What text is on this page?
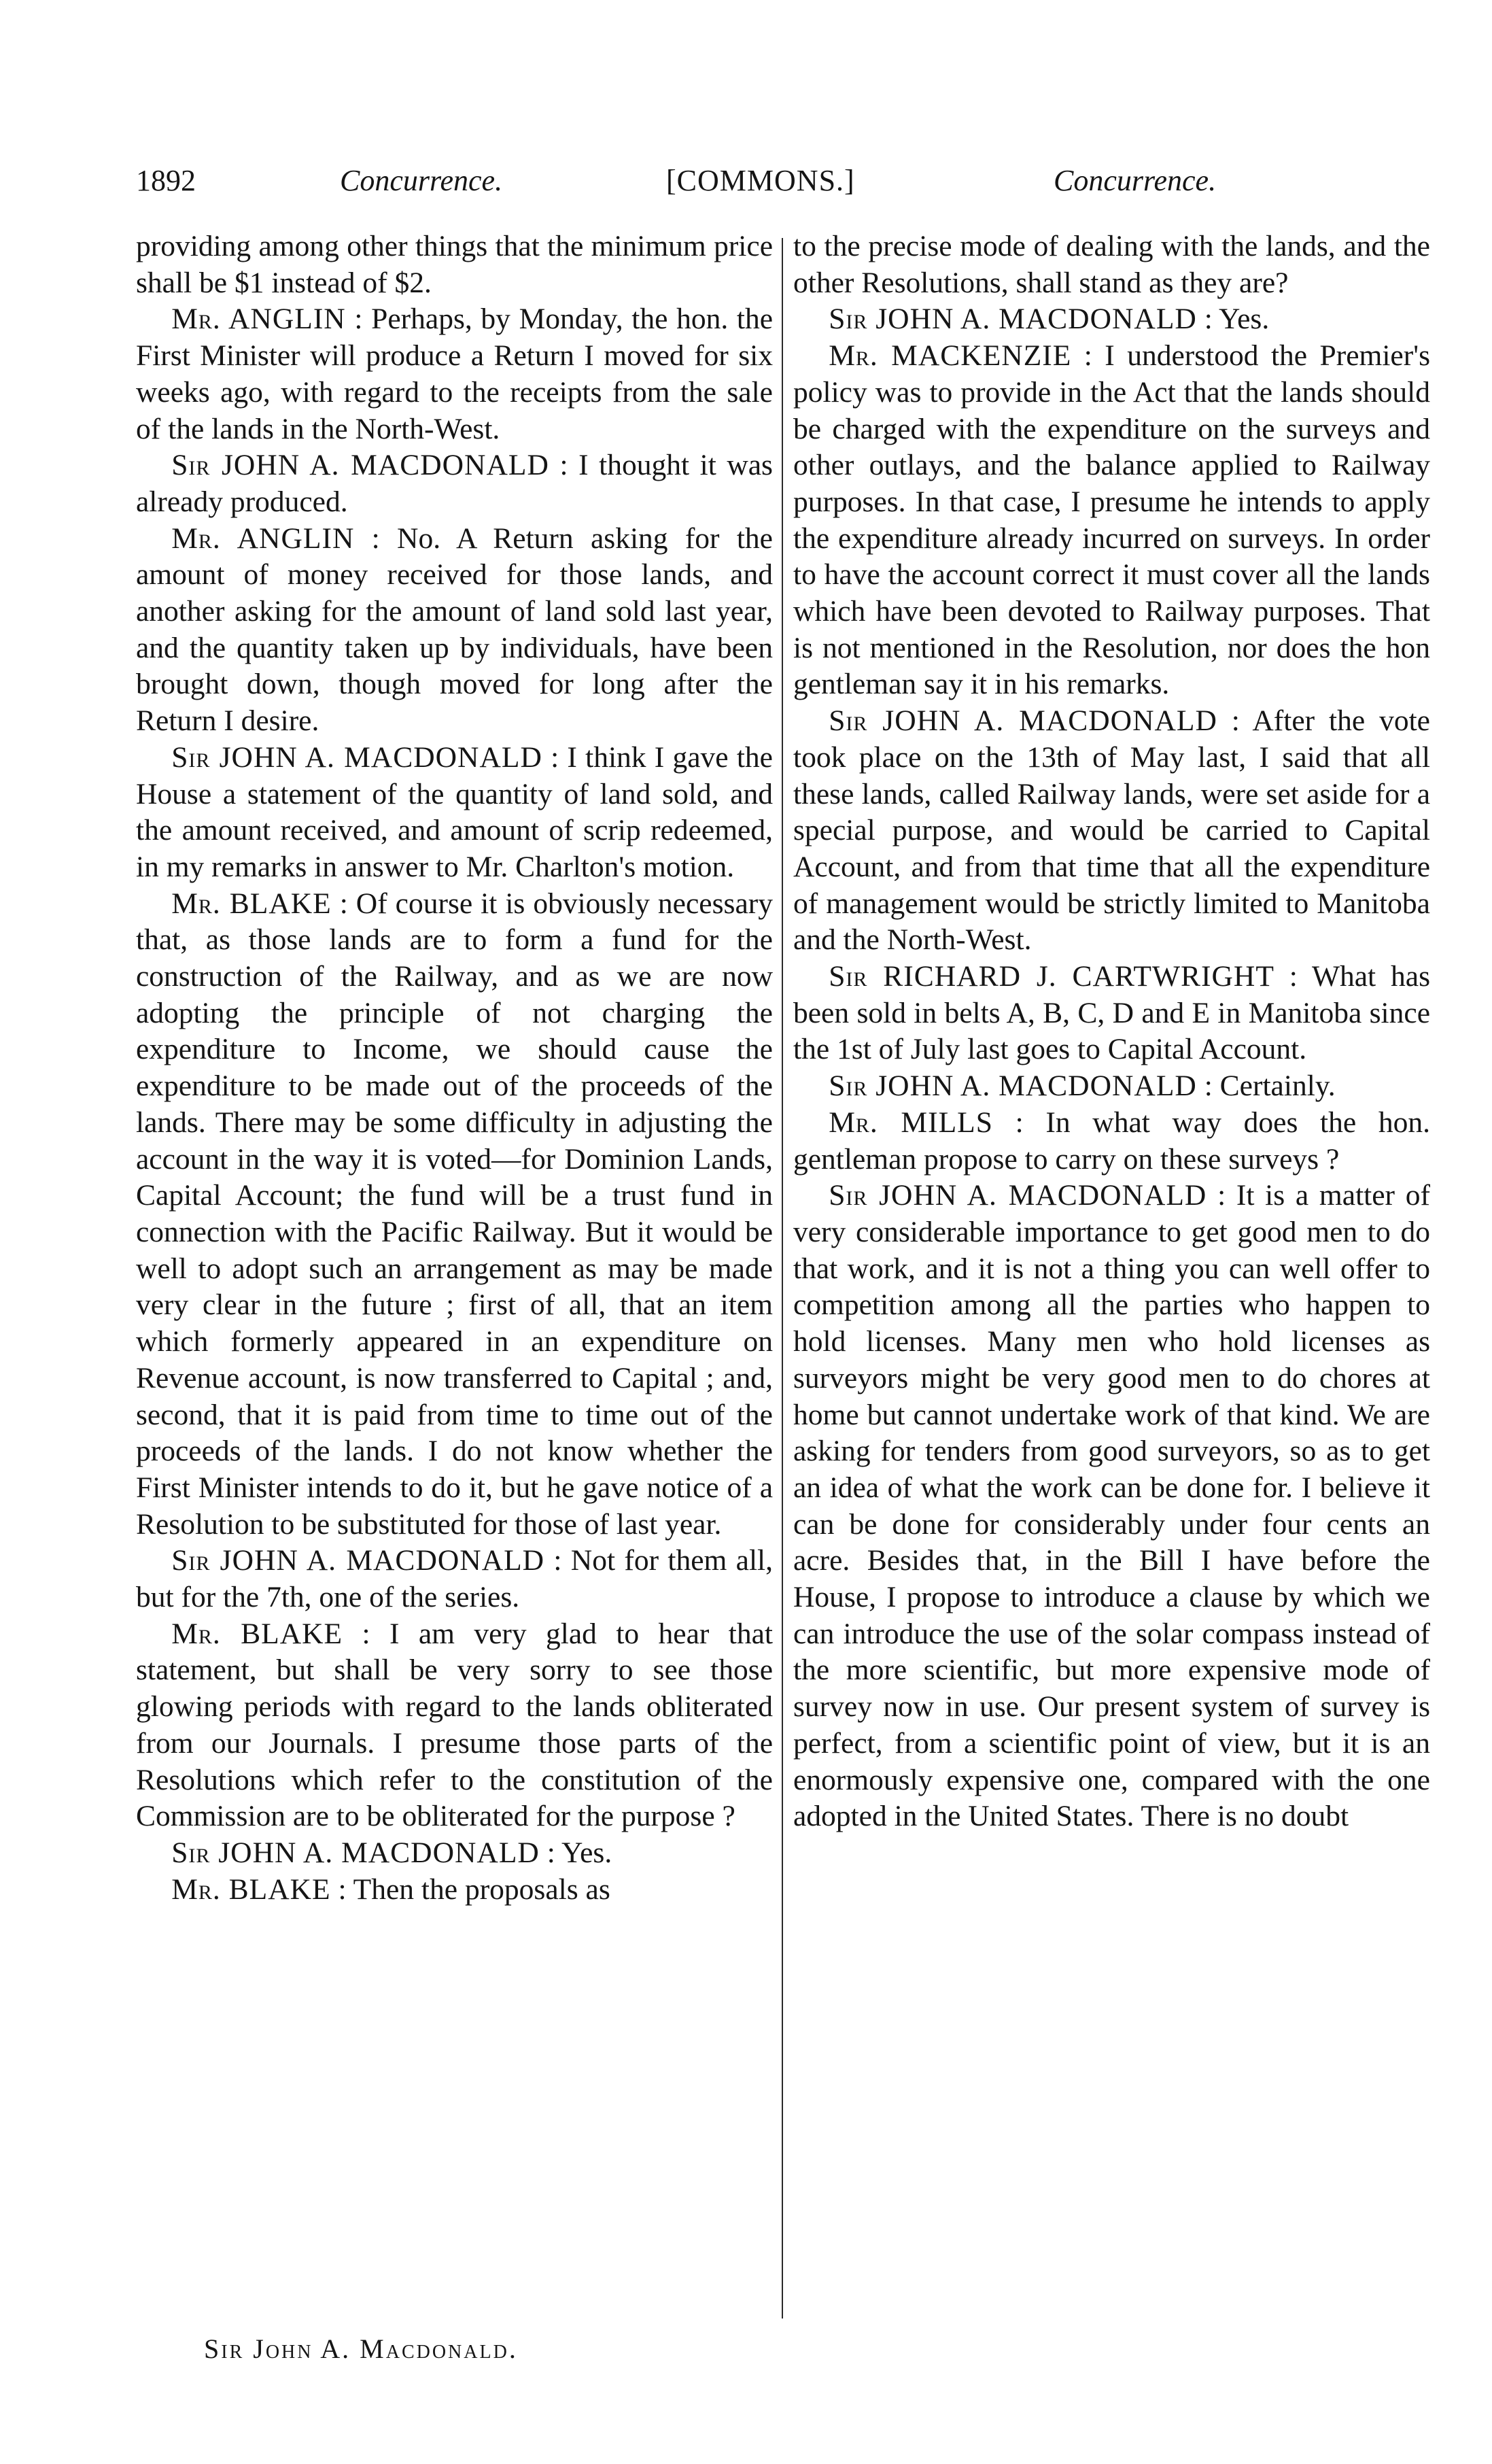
1892	Concurrence.	[COMMONS.]	Concurrence.

providing among other things that the minimum price shall be $1 instead of $2.

Mr. ANGLIN : Perhaps, by Monday, the hon. the First Minister will produce a Return I moved for six weeks ago, with regard to the receipts from the sale of the lands in the North-West.

Sir JOHN A. MACDONALD : I thought it was already produced.

Mr. ANGLIN : No. A Return asking for the amount of money received for those lands, and another asking for the amount of land sold last year, and the quantity taken up by individuals, have been brought down, though moved for long after the Return I desire.

Sir JOHN A. MACDONALD : I think I gave the House a statement of the quantity of land sold, and the amount received, and amount of scrip redeemed, in my remarks in answer to Mr. Charlton's motion.

Mr. BLAKE : Of course it is obviously necessary that, as those lands are to form a fund for the construction of the Railway, and as we are now adopting the principle of not charging the expenditure to Income, we should cause the expenditure to be made out of the proceeds of the lands. There may be some difficulty in adjusting the account in the way it is voted—for Dominion Lands, Capital Account; the fund will be a trust fund in connection with the Pacific Railway. But it would be well to adopt such an arrangement as may be made very clear in the future ; first of all, that an item which formerly appeared in an expenditure on Revenue account, is now transferred to Capital ; and, second, that it is paid from time to time out of the proceeds of the lands. I do not know whether the First Minister intends to do it, but he gave notice of a Resolution to be substituted for those of last year.

Sir JOHN A. MACDONALD : Not for them all, but for the 7th, one of the series.

Mr. BLAKE : I am very glad to hear that statement, but shall be very sorry to see those glowing periods with regard to the lands obliterated from our Journals. I presume those parts of the Resolutions which refer to the constitution of the Commission are to be obliterated for the purpose ?

Sir JOHN A. MACDONALD : Yes.

Mr. BLAKE : Then the proposals as

to the precise mode of dealing with the lands, and the other Resolutions, shall stand as they are?

Sir JOHN A. MACDONALD : Yes.

Mr. MACKENZIE : I understood the Premier's policy was to provide in the Act that the lands should be charged with the expenditure on the surveys and other outlays, and the balance applied to Railway purposes. In that case, I presume he intends to apply the expenditure already incurred on surveys. In order to have the account correct it must cover all the lands which have been devoted to Railway purposes. That is not mentioned in the Resolution, nor does the hon gentleman say it in his remarks.

Sir JOHN A. MACDONALD : After the vote took place on the 13th of May last, I said that all these lands, called Railway lands, were set aside for a special purpose, and would be carried to Capital Account, and from that time that all the expenditure of management would be strictly limited to Manitoba and the North-West.

Sir RICHARD J. CARTWRIGHT : What has been sold in belts A, B, C, D and E in Manitoba since the 1st of July last goes to Capital Account.

Sir JOHN A. MACDONALD : Certainly.

Mr. MILLS : In what way does the hon. gentleman propose to carry on these surveys ?

Sir JOHN A. MACDONALD : It is a matter of very considerable importance to get good men to do that work, and it is not a thing you can well offer to competition among all the parties who happen to hold licenses. Many men who hold licenses as surveyors might be very good men to do chores at home but cannot undertake work of that kind. We are asking for tenders from good surveyors, so as to get an idea of what the work can be done for. I believe it can be done for considerably under four cents an acre. Besides that, in the Bill I have before the House, I propose to introduce a clause by which we can introduce the use of the solar compass instead of the more scientific, but more expensive mode of survey now in use. Our present system of survey is perfect, from a scientific point of view, but it is an enormously expensive one, compared with the one adopted in the United States. There is no doubt

Sir John A. Macdonald.
